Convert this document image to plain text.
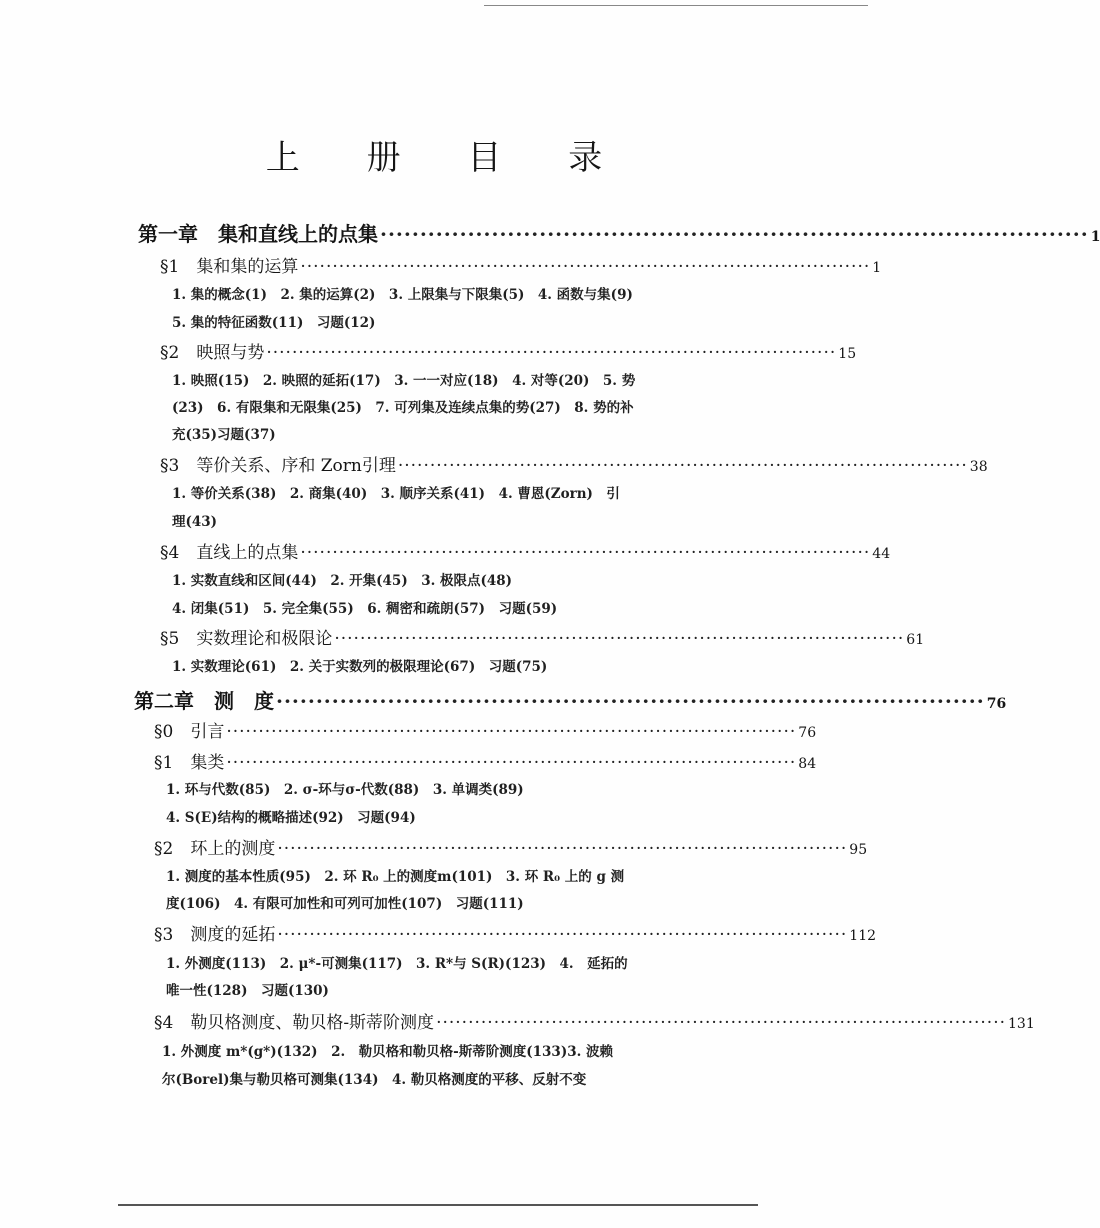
上 册 目 录
第一章　集和直线上的点集 ························································································· 1
§1　集和集的运算 ························································································· 1
1. 集的概念(1)　2. 集的运算(2)　3. 上限集与下限集(5)　4. 函数与集(9)
5. 集的特征函数(11)　习题(12)
§2　映照与势 ························································································· 15
1. 映照(15)　2. 映照的延拓(17)　3. 一一对应(18)　4. 对等(20)　5. 势
(23)　6. 有限集和无限集(25)　7. 可列集及连续点集的势(27)　8. 势的补
充(35)习题(37)
§3　等价关系、序和 Zorn引理 ························································································· 38
1. 等价关系(38)　2. 商集(40)　3. 顺序关系(41)　4. 曹恩(Zorn)　引
理(43)
§4　直线上的点集 ························································································· 44
1. 实数直线和区间(44)　2. 开集(45)　3. 极限点(48)
4. 闭集(51)　5. 完全集(55)　6. 稠密和疏朗(57)　习题(59)
§5　实数理论和极限论 ························································································· 61
1. 实数理论(61)　2. 关于实数列的极限理论(67)　习题(75)
第二章　测　度 ························································································· 76
§0　引言 ························································································· 76
§1　集类 ························································································· 84
1. 环与代数(85)　2. σ-环与σ-代数(88)　3. 单调类(89)
4. S(E)结构的概略描述(92)　习题(94)
§2　环上的测度 ························································································· 95
1. 测度的基本性质(95)　2. 环 R₀ 上的测度m(101)　3. 环 R₀ 上的 g 测
度(106)　4. 有限可加性和可列可加性(107)　习题(111)
§3　测度的延拓 ························································································· 112
1. 外测度(113)　2. μ*-可测集(117)　3. R*与 S(R)(123)　4.　延拓的
唯一性(128)　习题(130)
§4　勒贝格测度、勒贝格-斯蒂阶测度 ························································································· 131
1. 外测度 m*(g*)(132)　2.　勒贝格和勒贝格-斯蒂阶测度(133)3. 波赖
尔(Borel)集与勒贝格可测集(134)　4. 勒贝格测度的平移、反射不变
